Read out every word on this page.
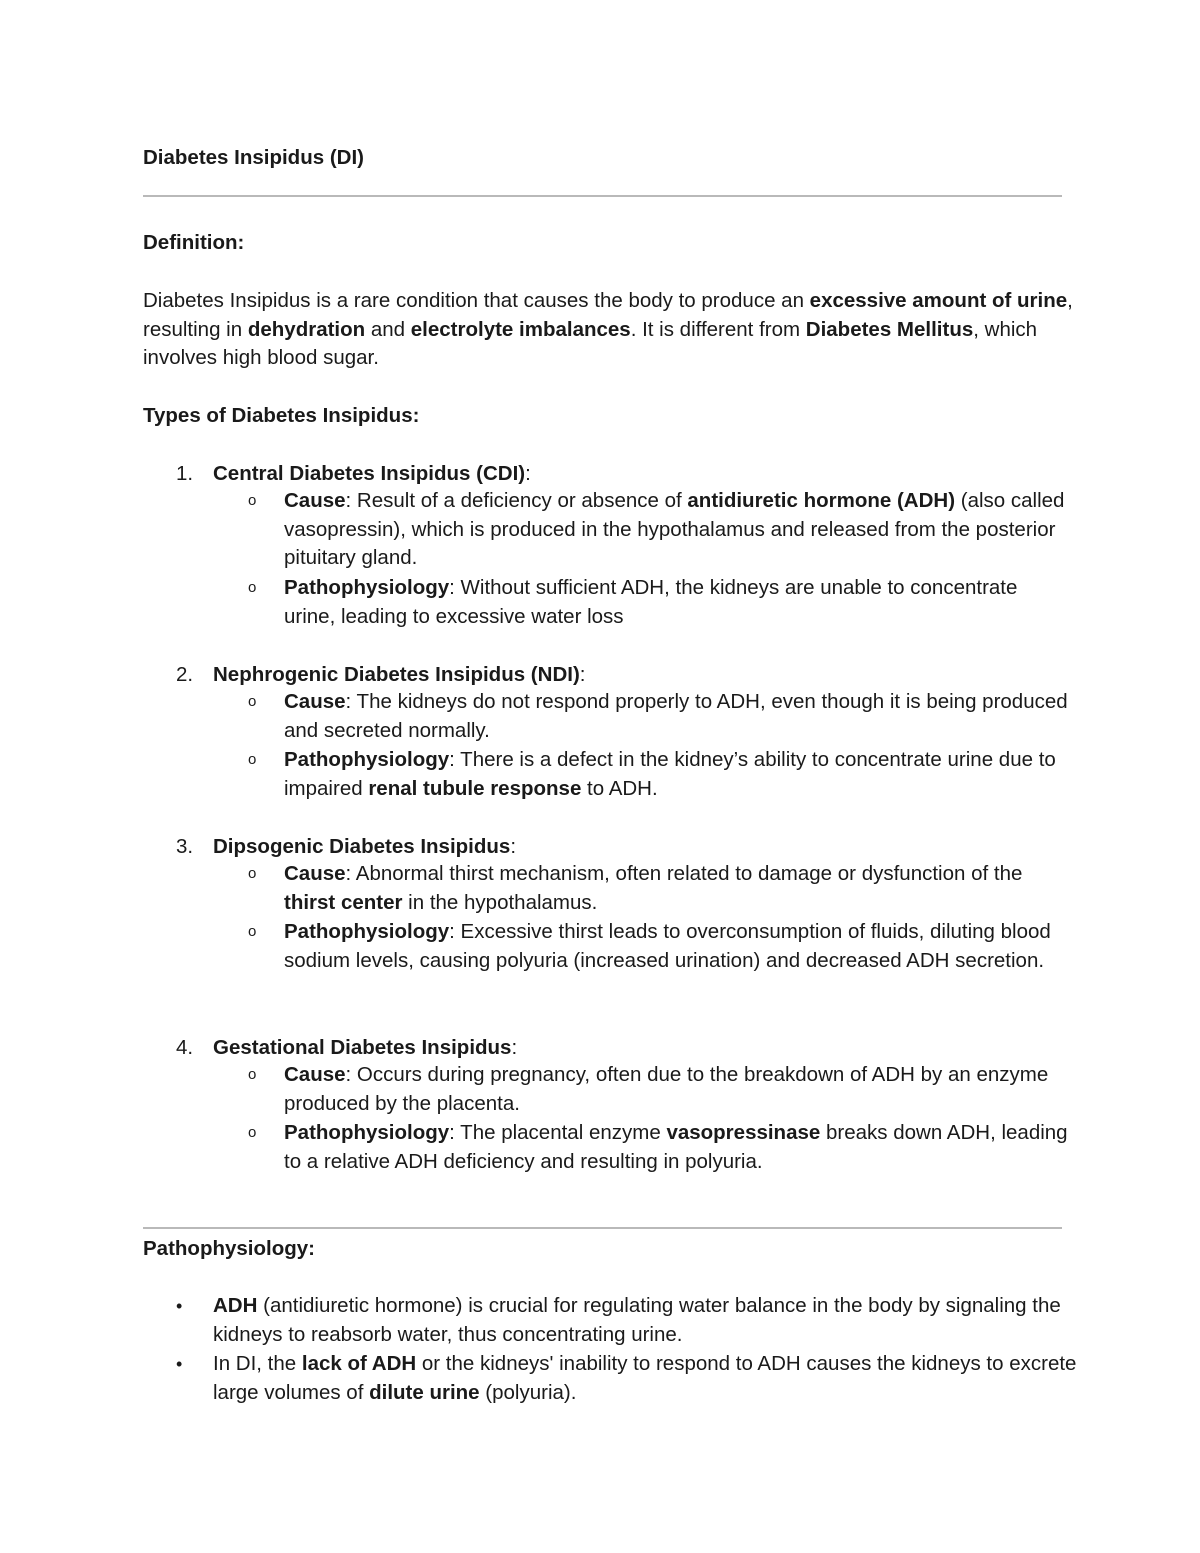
Diabetes Insipidus (DI)
Definition:
Diabetes Insipidus is a rare condition that causes the body to produce an excessive amount of urine, resulting in dehydration and electrolyte imbalances. It is different from Diabetes Mellitus, which involves high blood sugar.
Types of Diabetes Insipidus:
1. Central Diabetes Insipidus (CDI):
o Cause: Result of a deficiency or absence of antidiuretic hormone (ADH) (also called vasopressin), which is produced in the hypothalamus and released from the posterior pituitary gland.
o Pathophysiology: Without sufficient ADH, the kidneys are unable to concentrate urine, leading to excessive water loss
2. Nephrogenic Diabetes Insipidus (NDI):
o Cause: The kidneys do not respond properly to ADH, even though it is being produced and secreted normally.
o Pathophysiology: There is a defect in the kidney’s ability to concentrate urine due to impaired renal tubule response to ADH.
3. Dipsogenic Diabetes Insipidus:
o Cause: Abnormal thirst mechanism, often related to damage or dysfunction of the thirst center in the hypothalamus.
o Pathophysiology: Excessive thirst leads to overconsumption of fluids, diluting blood sodium levels, causing polyuria (increased urination) and decreased ADH secretion.
4. Gestational Diabetes Insipidus:
o Cause: Occurs during pregnancy, often due to the breakdown of ADH by an enzyme produced by the placenta.
o Pathophysiology: The placental enzyme vasopressinase breaks down ADH, leading to a relative ADH deficiency and resulting in polyuria.
Pathophysiology:
• ADH (antidiuretic hormone) is crucial for regulating water balance in the body by signaling the kidneys to reabsorb water, thus concentrating urine.
• In DI, the lack of ADH or the kidneys' inability to respond to ADH causes the kidneys to excrete large volumes of dilute urine (polyuria).
